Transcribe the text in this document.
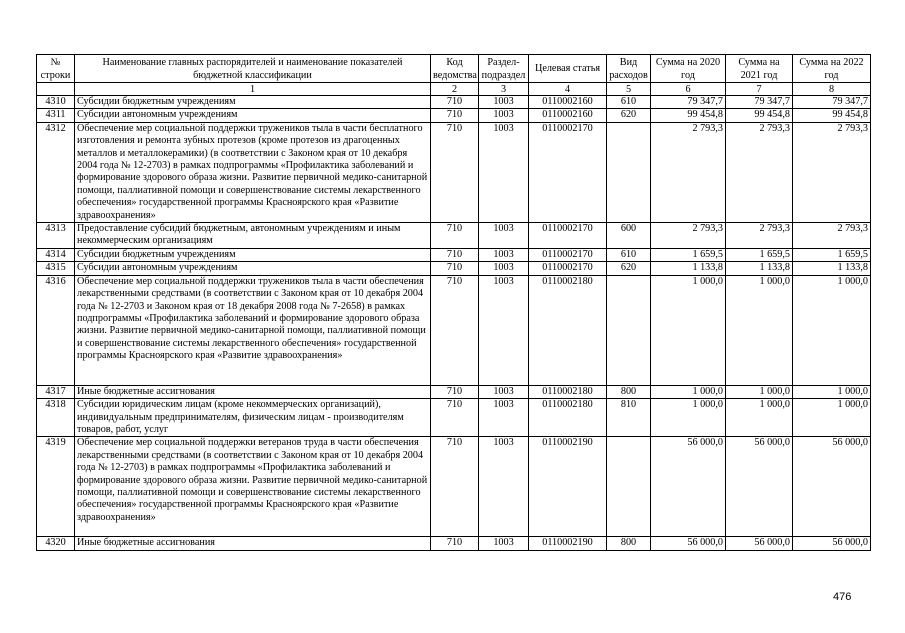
№ строки	Наименование главных распорядителей и наименование показателей бюджетной классификации	Код ведомства	Раздел-подраздел	Целевая статья	Вид расходов	Сумма на 2020 год	Сумма на 2021 год	Сумма на 2022 год
	1	2	3	4	5	6	7	8
4310	Субсидии бюджетным учреждениям	710	1003	0110002160	610	79 347,7	79 347,7	79 347,7
4311	Субсидии автономным учреждениям	710	1003	0110002160	620	99 454,8	99 454,8	99 454,8
4312	Обеспечение мер социальной поддержки тружеников тыла в части бесплатного изготовления и ремонта зубных протезов (кроме протезов из драгоценных металлов и металлокерамики) (в соответствии с Законом края от 10 декабря 2004 года № 12-2703) в рамках подпрограммы «Профилактика заболеваний и формирование здорового образа жизни. Развитие первичной медико-санитарной помощи, паллиативной помощи и совершенствование системы лекарственного обеспечения» государственной программы Красноярского края «Развитие здравоохранения»	710	1003	0110002170		2 793,3	2 793,3	2 793,3
4313	Предоставление субсидий бюджетным, автономным учреждениям и иным некоммерческим организациям	710	1003	0110002170	600	2 793,3	2 793,3	2 793,3
4314	Субсидии бюджетным учреждениям	710	1003	0110002170	610	1 659,5	1 659,5	1 659,5
4315	Субсидии автономным учреждениям	710	1003	0110002170	620	1 133,8	1 133,8	1 133,8
4316	Обеспечение мер социальной поддержки тружеников тыла в части обеспечения лекарственными средствами (в соответствии с Законом края от 10 декабря 2004 года № 12-2703 и Законом края от 18 декабря 2008 года № 7-2658) в рамках подпрограммы «Профилактика заболеваний и формирование здорового образа жизни. Развитие первичной медико-санитарной помощи, паллиативной помощи и совершенствование системы лекарственного обеспечения» государственной программы Красноярского края «Развитие здравоохранения»	710	1003	0110002180		1 000,0	1 000,0	1 000,0
4317	Иные бюджетные ассигнования	710	1003	0110002180	800	1 000,0	1 000,0	1 000,0
4318	Субсидии юридическим лицам (кроме некоммерческих организаций), индивидуальным предпринимателям, физическим лицам - производителям товаров, работ, услуг	710	1003	0110002180	810	1 000,0	1 000,0	1 000,0
4319	Обеспечение мер социальной поддержки ветеранов труда в части обеспечения лекарственными средствами (в соответствии с Законом края от 10 декабря 2004 года № 12-2703) в рамках подпрограммы «Профилактика заболеваний и формирование здорового образа жизни. Развитие первичной медико-санитарной помощи, паллиативной помощи и совершенствование системы лекарственного обеспечения» государственной программы Красноярского края «Развитие здравоохранения»	710	1003	0110002190		56 000,0	56 000,0	56 000,0
4320	Иные бюджетные ассигнования	710	1003	0110002190	800	56 000,0	56 000,0	56 000,0
476
